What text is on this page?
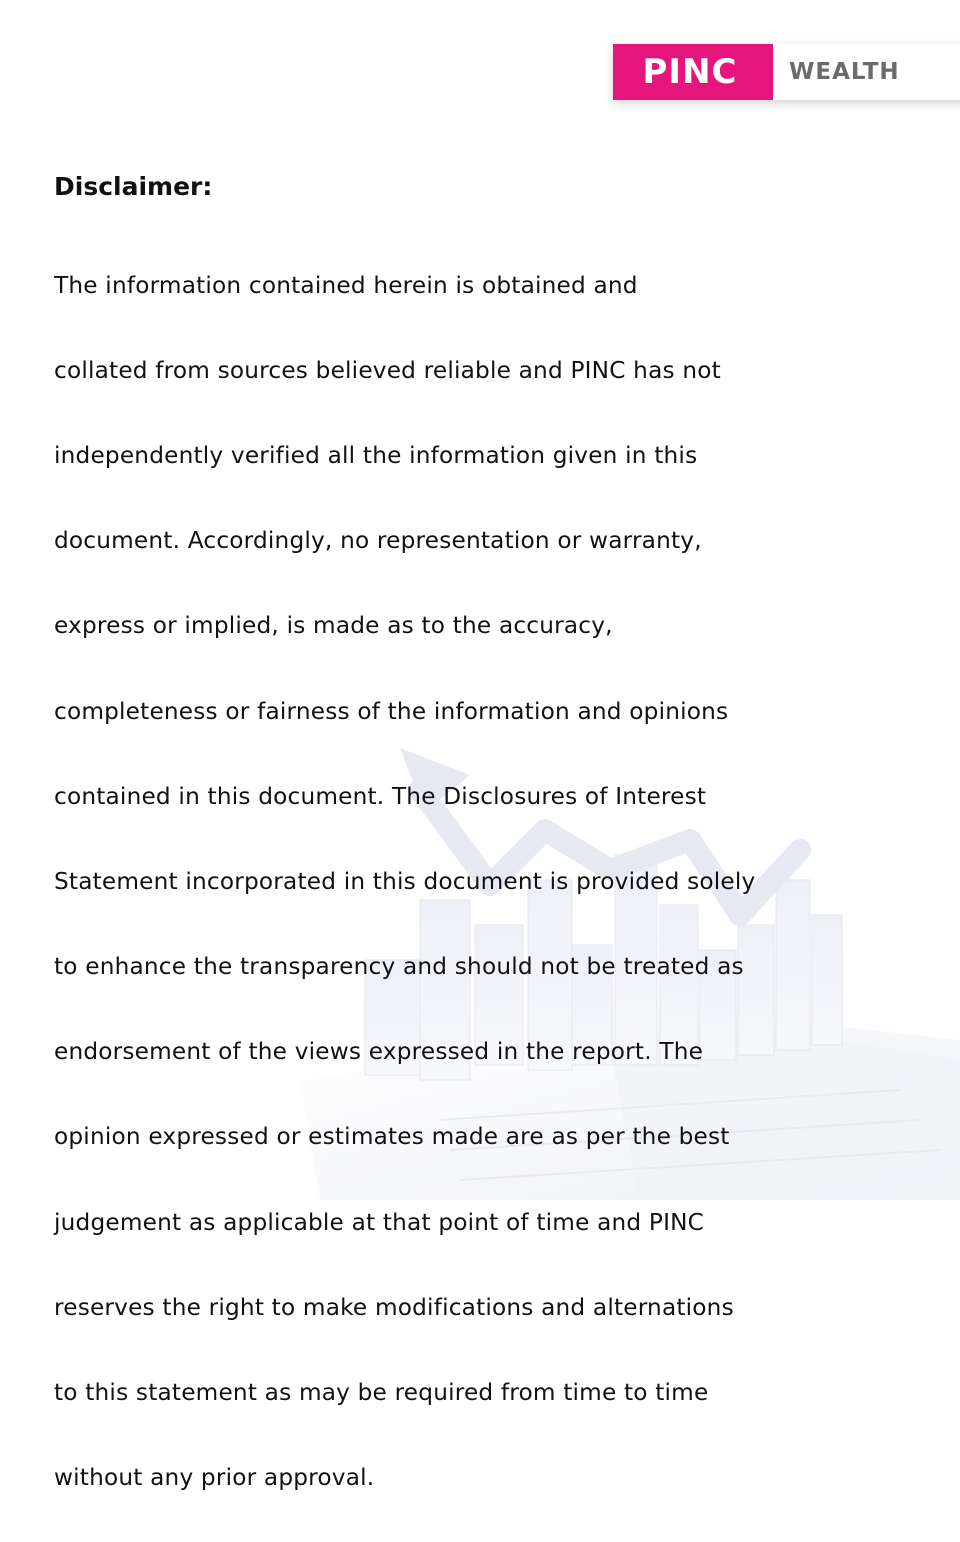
PINC	WEALTH
Disclaimer:

The information contained herein is obtained and

collated from sources believed reliable and PINC has not

independently verified all the information given in this

document. Accordingly, no representation or warranty,

express or implied, is made as to the accuracy,

completeness or fairness of the information and opinions

contained in this document. The Disclosures of Interest

Statement incorporated in this document is provided solely

to enhance the transparency and should not be treated as

endorsement of the views expressed in the report. The

opinion expressed or estimates made are as per the best

judgement as applicable at that point of time and PINC

reserves the right to make modifications and alternations

to this statement as may be required from time to time

without any prior approval.
